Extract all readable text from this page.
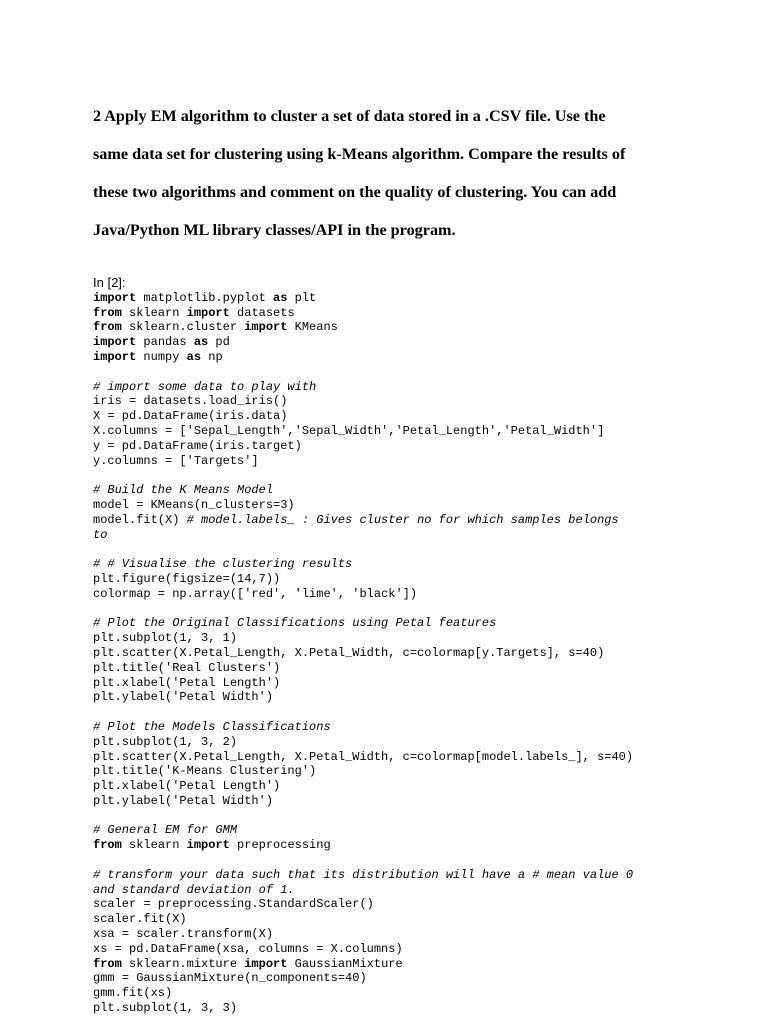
2 Apply EM algorithm to cluster a set of data stored in a .CSV file. Use the

same data set for clustering using k-Means algorithm. Compare the results of

these two algorithms and comment on the quality of clustering. You can add

Java/Python ML library classes/API in the program.

In [2]:
import matplotlib.pyplot as plt
from sklearn import datasets
from sklearn.cluster import KMeans
import pandas as pd
import numpy as np
# import some data to play with
iris = datasets.load_iris()
X = pd.DataFrame(iris.data)
X.columns = ['Sepal_Length','Sepal_Width','Petal_Length','Petal_Width']
y = pd.DataFrame(iris.target)
y.columns = ['Targets']
# Build the K Means Model
model = KMeans(n_clusters=3)
model.fit(X) # model.labels_ : Gives cluster no for which samples belongs
to
# # Visualise the clustering results
plt.figure(figsize=(14,7))
colormap = np.array(['red', 'lime', 'black'])
# Plot the Original Classifications using Petal features
plt.subplot(1, 3, 1)
plt.scatter(X.Petal_Length, X.Petal_Width, c=colormap[y.Targets], s=40)
plt.title('Real Clusters')
plt.xlabel('Petal Length')
plt.ylabel('Petal Width')
# Plot the Models Classifications
plt.subplot(1, 3, 2)
plt.scatter(X.Petal_Length, X.Petal_Width, c=colormap[model.labels_], s=40)
plt.title('K-Means Clustering')
plt.xlabel('Petal Length')
plt.ylabel('Petal Width')
# General EM for GMM
from sklearn import preprocessing
# transform your data such that its distribution will have a # mean value 0
and standard deviation of 1.
scaler = preprocessing.StandardScaler()
scaler.fit(X)
xsa = scaler.transform(X)
xs = pd.DataFrame(xsa, columns = X.columns)
from sklearn.mixture import GaussianMixture
gmm = GaussianMixture(n_components=40)
gmm.fit(xs)
plt.subplot(1, 3, 3)
